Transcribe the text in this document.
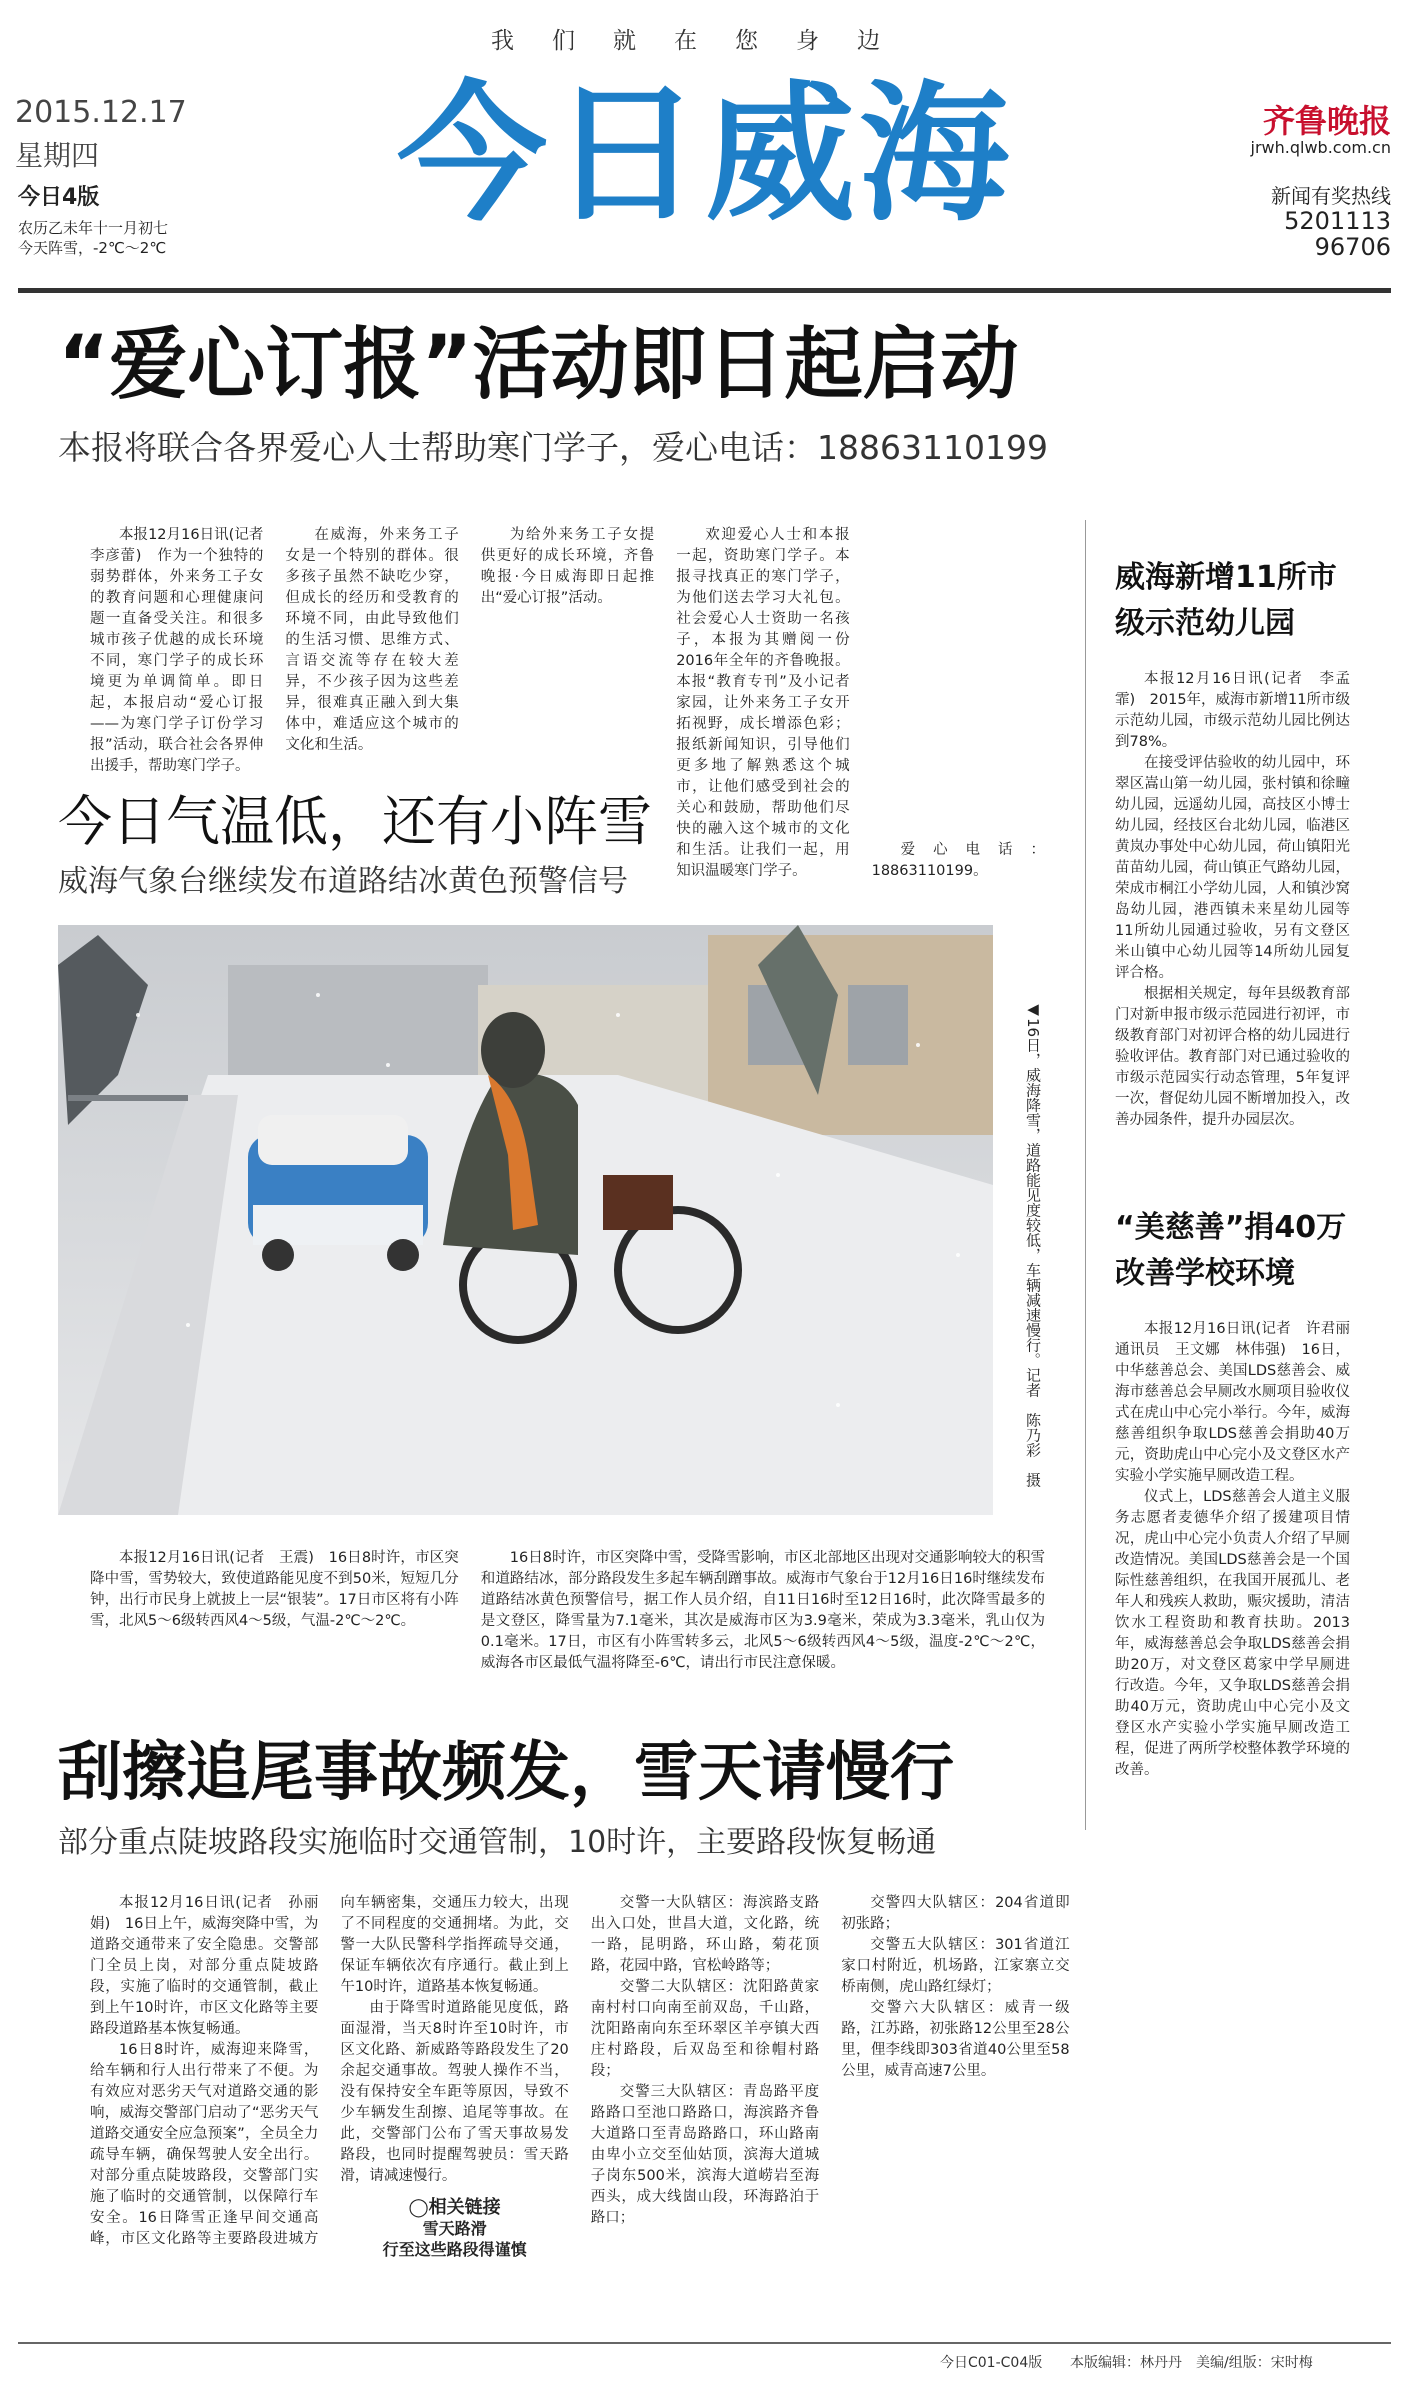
我们就在您身边
2015.12.17
星期四
今日4版
农历乙未年十一月初七
今天阵雪，-2℃～2℃
今日威海	齐鲁晚报
jrwh.qlwb.com.cn
新闻有奖热线
5201113
96706
“爱心订报”活动即日起启动
本报将联合各界爱心人士帮助寒门学子，爱心电话：18863110199

本报12月16日讯(记者　李彦蕾)　作为一个独特的弱势群体，外来务工子女的教育问题和心理健康问题一直备受关注。和很多城市孩子优越的成长环境不同，寒门学子的成长环境更为单调简单。即日起，本报启动“爱心订报——为寒门学子订份学习报”活动，联合社会各界伸出援手，帮助寒门学子。

在威海，外来务工子女是一个特别的群体。很多孩子虽然不缺吃少穿，但成长的经历和受教育的环境不同，由此导致他们的生活习惯、思维方式、言语交流等存在较大差异，不少孩子因为这些差异，很难真正融入到大集体中，难适应这个城市的文化和生活。

为给外来务工子女提供更好的成长环境，齐鲁晚报·今日威海即日起推出“爱心订报”活动。

欢迎爱心人士和本报一起，资助寒门学子。本报寻找真正的寒门学子，为他们送去学习大礼包。社会爱心人士资助一名孩子，本报为其赠阅一份2016年全年的齐鲁晚报。本报“教育专刊”及小记者家园，让外来务工子女开拓视野，成长增添色彩；报纸新闻知识，引导他们更多地了解熟悉这个城市，让他们感受到社会的关心和鼓励，帮助他们尽快的融入这个城市的文化和生活。让我们一起，用知识温暖寒门学子。

爱心电话：18863110199。

今日气温低，还有小阵雪
威海气象台继续发布道路结冰黄色预警信号
◀16日，威海降雪，道路能见度较低，车辆减速慢行。记者　陈乃彩　摄

本报12月16日讯(记者　王震)　16日8时许，市区突降中雪，雪势较大，致使道路能见度不到50米，短短几分钟，出行市民身上就披上一层“银装”。17日市区将有小阵雪，北风5～6级转西风4～5级，气温-2℃～2℃。

16日8时许，市区突降中雪，受降雪影响，市区北部地区出现对交通影响较大的积雪和道路结冰，部分路段发生多起车辆刮蹭事故。威海市气象台于12月16日16时继续发布道路结冰黄色预警信号，据工作人员介绍，自11日16时至12日16时，此次降雪最多的是文登区，降雪量为7.1毫米，其次是威海市区为3.9毫米，荣成为3.3毫米，乳山仅为0.1毫米。17日，市区有小阵雪转多云，北风5～6级转西风4～5级，温度-2℃～2℃，威海各市区最低气温将降至-6℃，请出行市民注意保暖。

威海新增11所市级示范幼儿园

本报12月16日讯(记者　李孟霏)　2015年，威海市新增11所市级示范幼儿园，市级示范幼儿园比例达到78%。

在接受评估验收的幼儿园中，环翠区嵩山第一幼儿园，张村镇和徐疃幼儿园，远遥幼儿园，高技区小博士幼儿园，经技区台北幼儿园，临港区黄岚办事处中心幼儿园，荷山镇阳光苗苗幼儿园，荷山镇正气路幼儿园，荣成市桐江小学幼儿园，人和镇沙窝岛幼儿园，港西镇未来星幼儿园等11所幼儿园通过验收，另有文登区米山镇中心幼儿园等14所幼儿园复评合格。

根据相关规定，每年县级教育部门对新申报市级示范园进行初评，市级教育部门对初评合格的幼儿园进行验收评估。教育部门对已通过验收的市级示范园实行动态管理，5年复评一次，督促幼儿园不断增加投入，改善办园条件，提升办园层次。

“美慈善”捐40万改善学校环境

本报12月16日讯(记者　许君丽　通讯员　王文娜　林伟强)　16日，中华慈善总会、美国LDS慈善会、威海市慈善总会早厕改水厕项目验收仪式在虎山中心完小举行。今年，威海慈善组织争取LDS慈善会捐助40万元，资助虎山中心完小及文登区水产实验小学实施早厕改造工程。

仪式上，LDS慈善会人道主义服务志愿者麦德华介绍了援建项目情况，虎山中心完小负责人介绍了早厕改造情况。美国LDS慈善会是一个国际性慈善组织，在我国开展孤儿、老年人和残疾人救助，赈灾援助，清洁饮水工程资助和教育扶助。2013年，威海慈善总会争取LDS慈善会捐助20万，对文登区葛家中学早厕进行改造。今年，又争取LDS慈善会捐助40万元，资助虎山中心完小及文登区水产实验小学实施早厕改造工程，促进了两所学校整体教学环境的改善。

刮擦追尾事故频发，雪天请慢行
部分重点陡坡路段实施临时交通管制，10时许，主要路段恢复畅通

本报12月16日讯(记者　孙丽娟)　16日上午，威海突降中雪，为道路交通带来了安全隐患。交警部门全员上岗，对部分重点陡坡路段，实施了临时的交通管制，截止到上午10时许，市区文化路等主要路段道路基本恢复畅通。

16日8时许，威海迎来降雪，给车辆和行人出行带来了不便。为有效应对恶劣天气对道路交通的影响，威海交警部门启动了“恶劣天气道路交通安全应急预案”，全员全力疏导车辆，确保驾驶人安全出行。对部分重点陡坡路段，交警部门实施了临时的交通管制，以保障行车安全。16日降雪正逢早间交通高峰，市区文化路等主要路段进城方向车辆密集，交通压力较大，出现了不同程度的交通拥堵。为此，交警一大队民警科学指挥疏导交通，保证车辆依次有序通行。截止到上午10时许，道路基本恢复畅通。

由于降雪时道路能见度低，路面湿滑，当天8时许至10时许，市区文化路、新威路等路段发生了20余起交通事故。驾驶人操作不当，没有保持安全车距等原因，导致不少车辆发生刮擦、追尾等事故。在此，交警部门公布了雪天事故易发路段，也同时提醒驾驶员：雪天路滑，请减速慢行。

◯相关链接
雪天路滑
行至这些路段得谨慎

交警一大队辖区：海滨路支路出入口处，世昌大道，文化路，统一路，昆明路，环山路，菊花顶路，花园中路，官松岭路等；

交警二大队辖区：沈阳路黄家南村村口向南至前双岛，千山路，沈阳路南向东至环翠区羊亭镇大西庄村路段，后双岛至和徐帽村路段；

交警三大队辖区：青岛路平度路路口至池口路路口，海滨路齐鲁大道路口至青岛路路口，环山路南由卑小立交至仙姑顶，滨海大道城子岗东500米，滨海大道崂岩至海西头，成大线崮山段，环海路泊于路口；

交警四大队辖区：204省道即初张路；

交警五大队辖区：301省道江家口村附近，机场路，江家寨立交桥南侧，虎山路红绿灯；

交警六大队辖区：威青一级路，江苏路，初张路12公里至28公里，俚李线即303省道40公里至58公里，威青高速7公里。

今日C01-C04版 本版编辑：林丹丹　美编/组版：宋时梅
